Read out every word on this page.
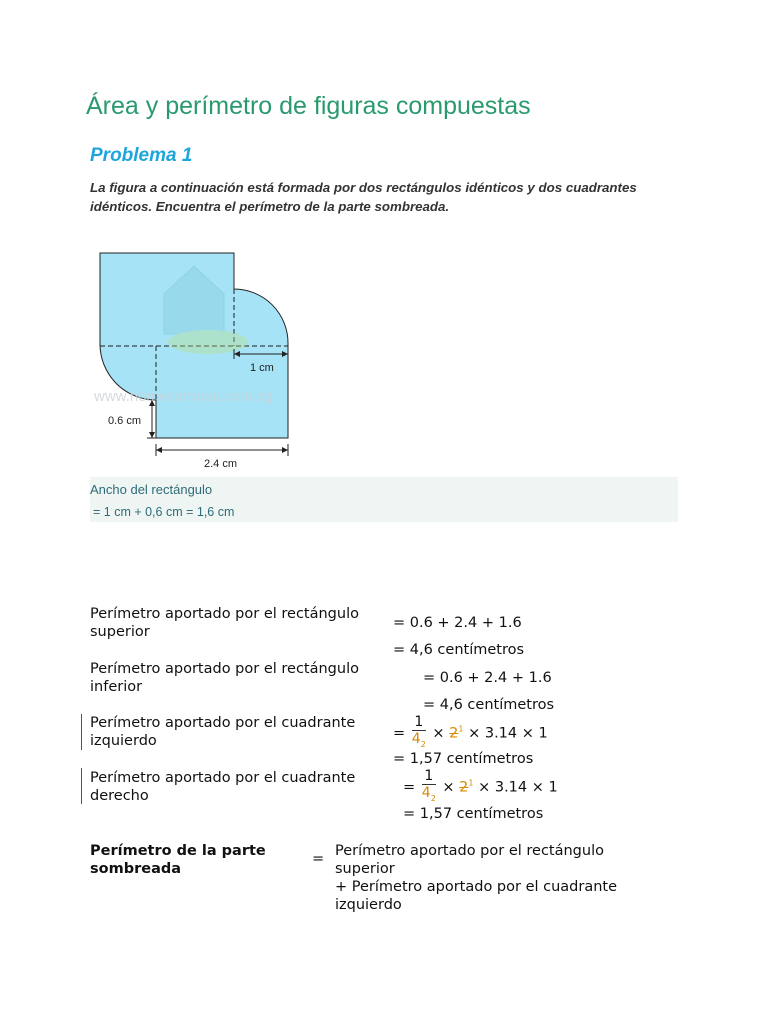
Área y perímetro de figuras compuestas
Problema 1
La figura a continuación está formada por dos rectángulos idénticos y dos cuadrantes idénticos. Encuentra el perímetro de la parte sombreada.
1 cm
0.6 cm
2.4 cm
www.homecampus.com.sg
Ancho del rectángulo
= 1 cm + 0,6 cm = 1,6 cm
Perímetro aportado por el rectángulo superior
= 0.6 + 2.4 + 1.6
= 4,6 centímetros
Perímetro aportado por el rectángulo inferior
= 0.6 + 2.4 + 1.6
= 4,6 centímetros
Perímetro aportado por el cuadrante izquierdo	= $\frac{1}{4_2} \times 2^1 \times 3.14 \times 1$
= 1,57 centímetros
Perímetro aportado por el cuadrante derecho
= $\frac{1}{4_2} \times 2^1 \times 3.14 \times 1$
= 1,57 centímetros
Perímetro de la parte sombreada
= Perímetro aportado por el rectángulo superior
+ Perímetro aportado por el cuadrante izquierdo
